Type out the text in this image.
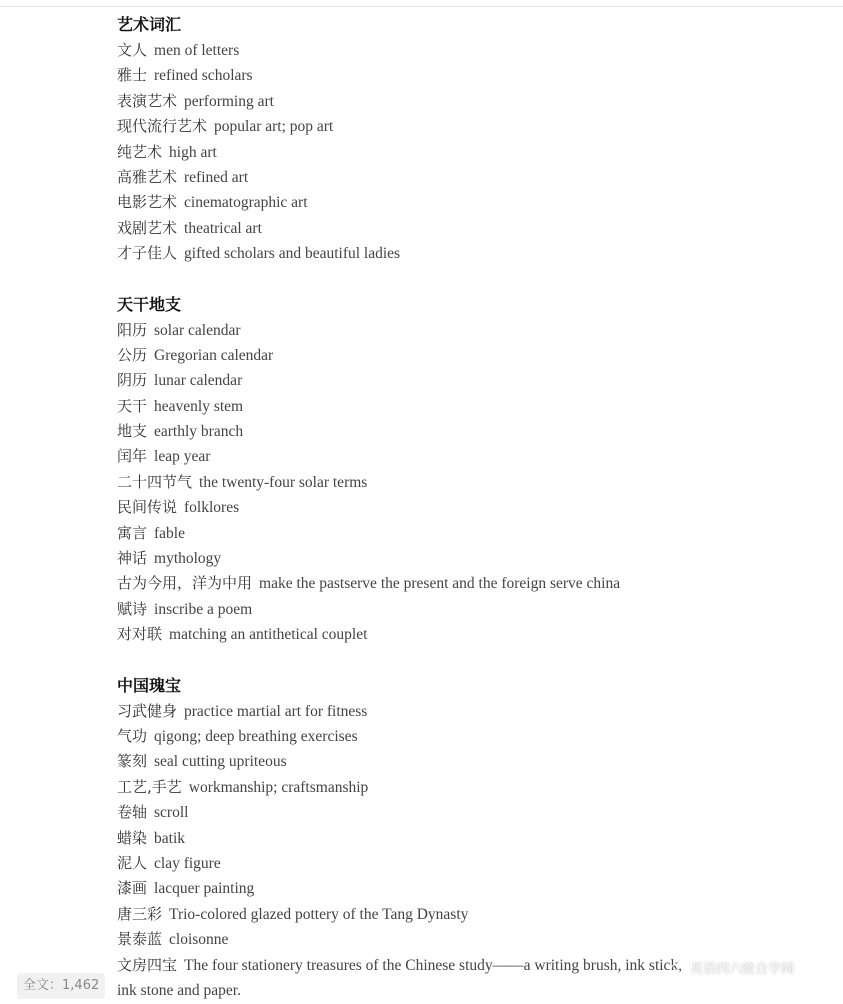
艺术词汇
文人 men of letters
雅士 refined scholars
表演艺术 performing art
现代流行艺术 popular art; pop art
纯艺术 high art
高雅艺术 refined art
电影艺术 cinematographic art
戏剧艺术 theatrical art
才子佳人 gifted scholars and beautiful ladies
天干地支
阳历 solar calendar
公历 Gregorian calendar
阴历 lunar calendar
天干 heavenly stem
地支 earthly branch
闰年 leap year
二十四节气 the twenty-four solar terms
民间传说 folklores
寓言 fable
神话 mythology
古为今用，洋为中用 make the pastserve the present and the foreign serve china
赋诗 inscribe a poem
对对联 matching an antithetical couplet
中国瑰宝
习武健身 practice martial art for fitness
气功 qigong; deep breathing exercises
篆刻 seal cutting upriteous
工艺,手艺 workmanship; craftsmanship
卷轴 scroll
蜡染 batik
泥人 clay figure
漆画 lacquer painting
唐三彩 Trio-colored glazed pottery of the Tang Dynasty
景泰蓝 cloisonne
文房四宝 The four stationery treasures of the Chinese study——a writing brush, ink stick,
ink stone and paper.
全文：1,462
英语四六级自学网
